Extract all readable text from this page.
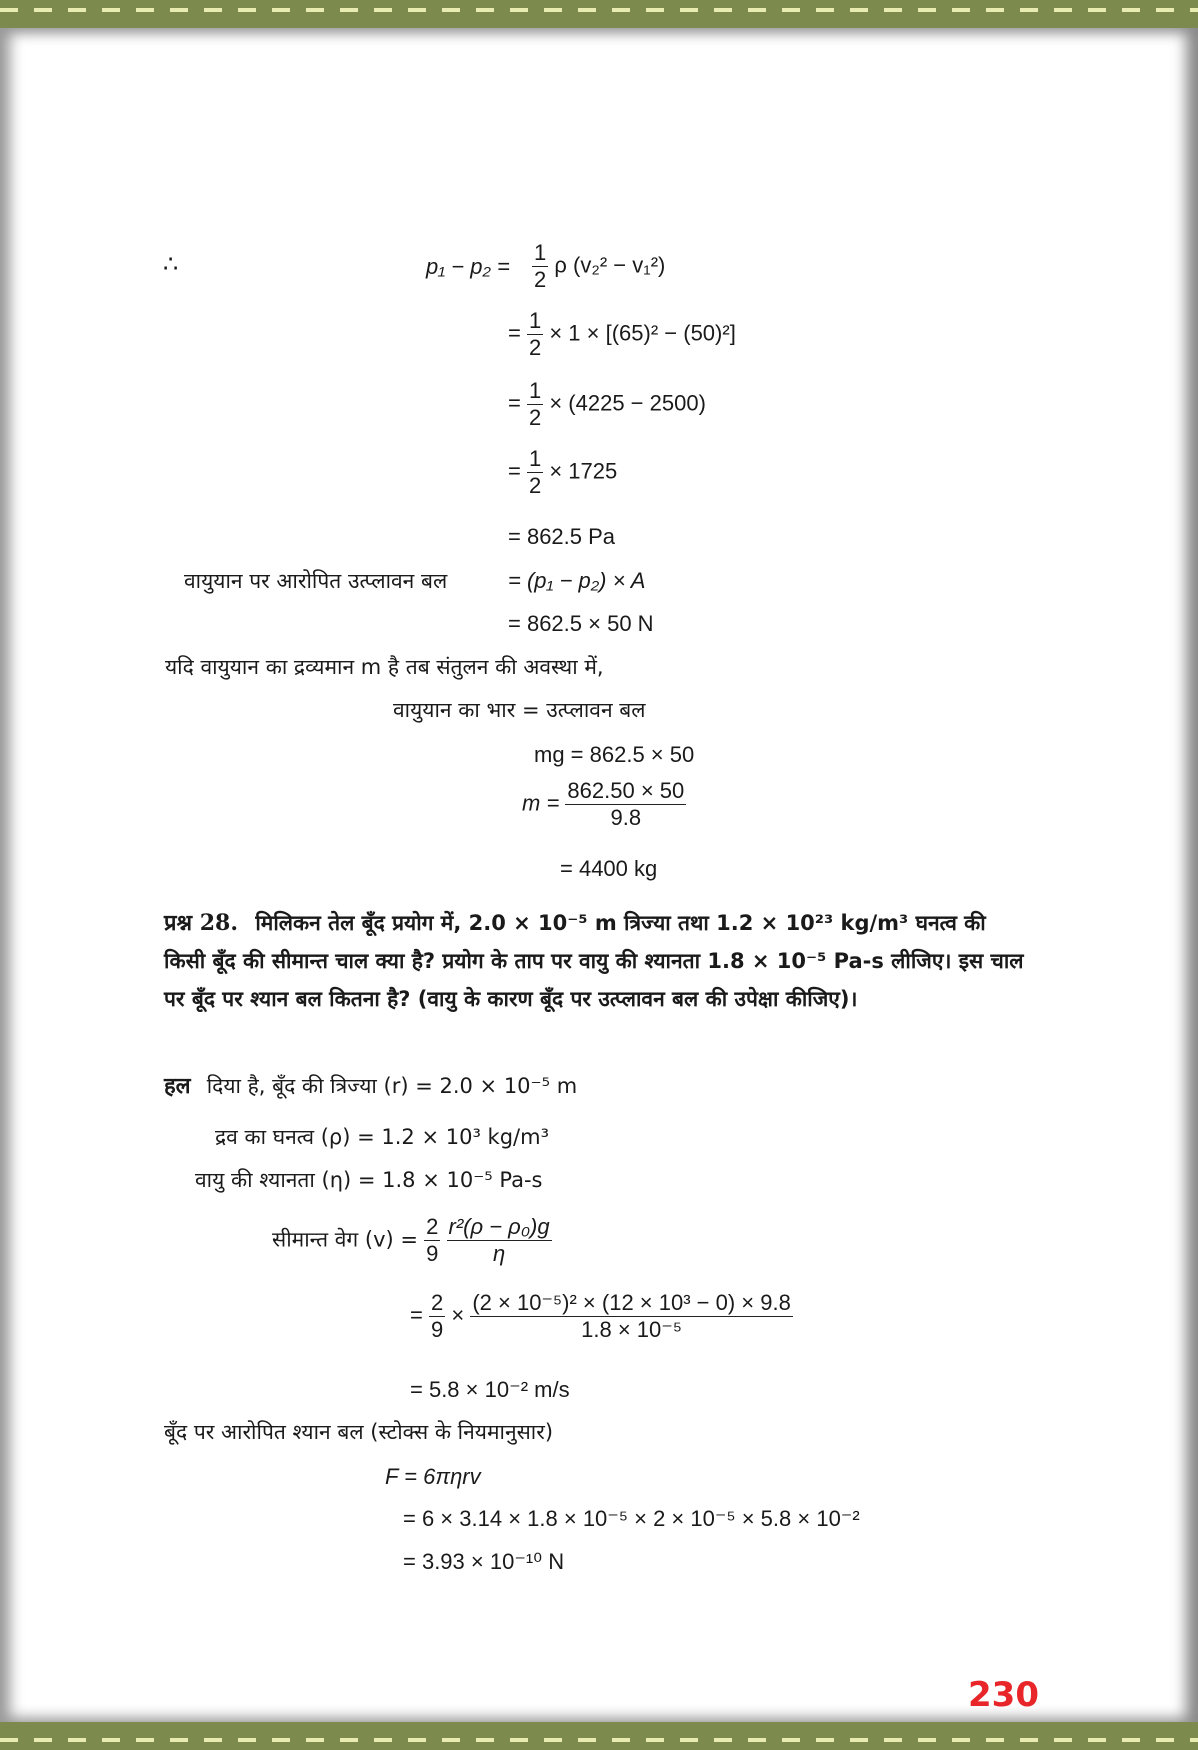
∴	$p_1 - p_2 = \frac{1}{2}$ ρ (v₂² − v₁²)
= $\frac{1}{2} \times 1 \times [(65)^2 - (50)^2]$
= $\frac{1}{2} \times (4225 - 2500)$
= $\frac{1}{2} \times 1725$
= 862.5 Pa
वायुयान पर आरोपित उत्प्लावन बल	= (p₁ − p₂) × A
= 862.5 × 50 N
यदि वायुयान का द्रव्यमान m है तब संतुलन की अवस्था में,
वायुयान का भार = उत्प्लावन बल
mg = 862.5 × 50
$m = \frac{862.50 \times 50}{9.8}$
= 4400 kg
प्रश्न 28. मिलिकन तेल बूँद प्रयोग में, 2.0 × 10⁻⁵ m त्रिज्या तथा 1.2 × 10²³ kg/m³ घनत्व की किसी बूँद की सीमान्त चाल क्या है? प्रयोग के ताप पर वायु की श्यानता 1.8 × 10⁻⁵ Pa-s लीजिए। इस चाल पर बूँद पर श्यान बल कितना है? (वायु के कारण बूँद पर उत्प्लावन बल की उपेक्षा कीजिए)।
हल दिया है, बूँद की त्रिज्या (r) = 2.0 × 10⁻⁵ m
द्रव का घनत्व (ρ) = 1.2 × 10³ kg/m³
वायु की श्यानता (η) = 1.8 × 10⁻⁵ Pa-s
सीमान्त वेग $(v) = \frac{2}{9}$
$\frac{\text{r²(ρ − ρ₀)g}}{\eta}$
= $\frac{2}{9} \times \frac{\text{(2 × 10⁻⁵)² × (12 × 10³ − 0) × 9.8}}{\text{1.8 × 10⁻⁵}}$
= 5.8 × 10⁻² m/s
बूँद पर आरोपित श्यान बल (स्टोक्स के नियमानुसार)
F = 6πηrv
= 6 × 3.14 × 1.8 × 10⁻⁵ × 2 × 10⁻⁵ × 5.8 × 10⁻²
= 3.93 × 10⁻¹⁰ N
230
